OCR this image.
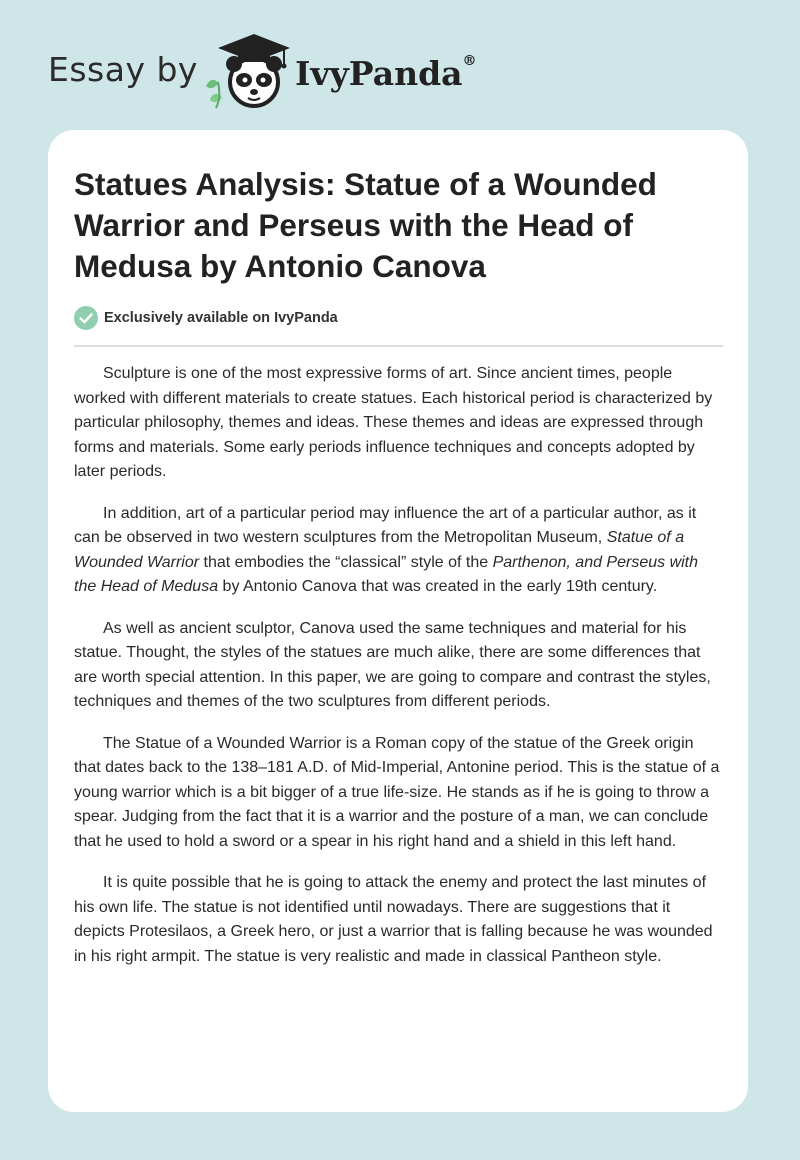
Essay by	IvyPanda®
Statues Analysis: Statue of a Wounded Warrior and Perseus with the Head of Medusa by Antonio Canova
Exclusively available on IvyPanda

Sculpture is one of the most expressive forms of art. Since ancient times, people worked with different materials to create statues. Each historical period is characterized by particular philosophy, themes and ideas. These themes and ideas are expressed through forms and materials. Some early periods influence techniques and concepts adopted by later periods.

In addition, art of a particular period may influence the art of a particular author, as it can be observed in two western sculptures from the Metropolitan Museum, Statue of a Wounded Warrior that embodies the “classical” style of the Parthenon, and Perseus with the Head of Medusa by Antonio Canova that was created in the early 19th century.

As well as ancient sculptor, Canova used the same techniques and material for his statue. Thought, the styles of the statues are much alike, there are some differences that are worth special attention. In this paper, we are going to compare and contrast the styles, techniques and themes of the two sculptures from different periods.

The Statue of a Wounded Warrior is a Roman copy of the statue of the Greek origin that dates back to the 138–181 A.D. of Mid-Imperial, Antonine period. This is the statue of a young warrior which is a bit bigger of a true life-size. He stands as if he is going to throw a spear. Judging from the fact that it is a warrior and the posture of a man, we can conclude that he used to hold a sword or a spear in his right hand and a shield in this left hand.

It is quite possible that he is going to attack the enemy and protect the last minutes of his own life. The statue is not identified until nowadays. There are suggestions that it depicts Protesilaos, a Greek hero, or just a warrior that is falling because he was wounded in his right armpit. The statue is very realistic and made in classical Pantheon style.
